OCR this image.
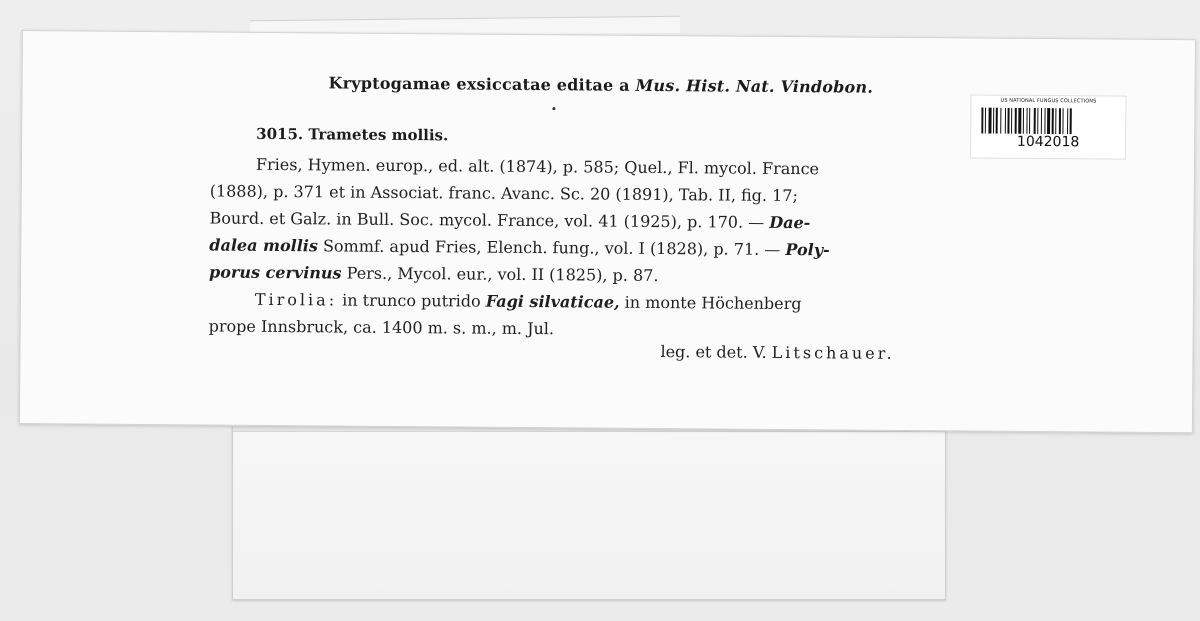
Kryptogamae exsiccatae editae a Mus. Hist. Nat. Vindobon.
3015. Trametes mollis.
Fries, Hymen. europ., ed. alt. (1874), p. 585; Quel., Fl. mycol. France
(1888), p. 371 et in Associat. franc. Avanc. Sc. 20 (1891), Tab. II, fig. 17;
Bourd. et Galz. in Bull. Soc. mycol. France, vol. 41 (1925), p. 170. — Dae-
dalea mollis Sommf. apud Fries, Elench. fung., vol. I (1828), p. 71. — Poly-
porus cervinus Pers., Mycol. eur., vol. II (1825), p. 87.
Tirolia: in trunco putrido Fagi silvaticae, in monte Höchenberg
prope Innsbruck, ca. 1400 m. s. m., m. Jul.
leg. et det. V. Litschauer.
US NATIONAL FUNGUS COLLECTIONS
1042018
